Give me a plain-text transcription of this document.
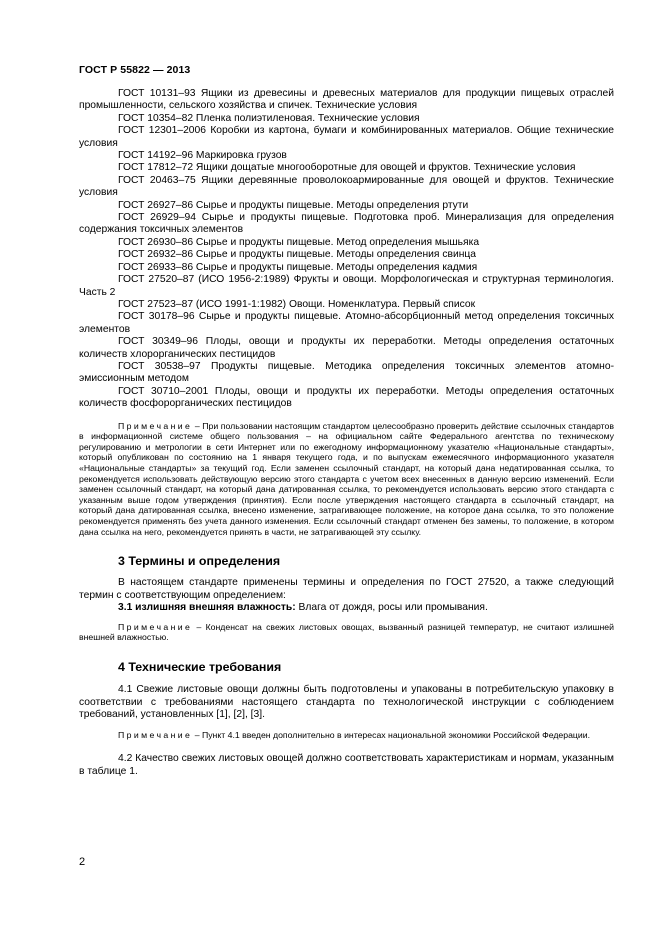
ГОСТ Р 55822 — 2013

ГОСТ 10131–93 Ящики из древесины и древесных материалов для продукции пищевых отраслей промышленности, сельского хозяйства и спичек. Технические условия

ГОСТ 10354–82 Пленка полиэтиленовая. Технические условия

ГОСТ 12301–2006 Коробки из картона, бумаги и комбинированных материалов. Общие технические условия

ГОСТ 14192–96 Маркировка грузов

ГОСТ 17812–72 Ящики дощатые многооборотные для овощей и фруктов. Технические условия

ГОСТ 20463–75 Ящики деревянные проволокоармированные для овощей и фруктов. Технические условия

ГОСТ 26927–86 Сырье и продукты пищевые. Методы определения ртути

ГОСТ 26929–94 Сырье и продукты пищевые. Подготовка проб. Минерализация для определения содержания токсичных элементов

ГОСТ 26930–86 Сырье и продукты пищевые. Метод определения мышьяка

ГОСТ 26932–86 Сырье и продукты пищевые. Методы определения свинца

ГОСТ 26933–86 Сырье и продукты пищевые. Методы определения кадмия

ГОСТ 27520–87 (ИСО 1956-2:1989) Фрукты и овощи. Морфологическая и структурная терминология. Часть 2

ГОСТ 27523–87 (ИСО 1991-1:1982) Овощи. Номенклатура. Первый список

ГОСТ 30178–96 Сырье и продукты пищевые. Атомно-абсорбционный метод определения токсичных элементов

ГОСТ 30349–96 Плоды, овощи и продукты их переработки. Методы определения остаточных количеств хлорорганических пестицидов

ГОСТ 30538–97 Продукты пищевые. Методика определения токсичных элементов атомно-эмиссионным методом

ГОСТ 30710–2001 Плоды, овощи и продукты их переработки. Методы определения остаточных количеств фосфорорганических пестицидов

Примечание – При пользовании настоящим стандартом целесообразно проверить действие ссылочных стандартов в информационной системе общего пользования – на официальном сайте Федерального агентства по техническому регулированию и метрологии в сети Интернет или по ежегодному информационному указателю «Национальные стандарты», который опубликован по состоянию на 1 января текущего года, и по выпускам ежемесячного информационного указателя «Национальные стандарты» за текущий год. Если заменен ссылочный стандарт, на который дана недатированная ссылка, то рекомендуется использовать действующую версию этого стандарта с учетом всех внесенных в данную версию изменений. Если заменен ссылочный стандарт, на который дана датированная ссылка, то рекомендуется использовать версию этого стандарта с указанным выше годом утверждения (принятия). Если после утверждения настоящего стандарта в ссылочный стандарт, на который дана датированная ссылка, внесено изменение, затрагивающее положение, на которое дана ссылка, то это положение рекомендуется применять без учета данного изменения. Если ссылочный стандарт отменен без замены, то положение, в котором дана ссылка на него, рекомендуется принять в части, не затрагивающей эту ссылку.

3 Термины и определения

В настоящем стандарте применены термины и определения по ГОСТ 27520, а также следующий термин с соответствующим определением:

3.1 излишняя внешняя влажность: Влага от дождя, росы или промывания.

Примечание – Конденсат на свежих листовых овощах, вызванный разницей температур, не считают излишней внешней влажностью.

4 Технические требования

4.1 Свежие листовые овощи должны быть подготовлены и упакованы в потребительскую упаковку в соответствии с требованиями настоящего стандарта по технологической инструкции с соблюдением требований, установленных [1], [2], [3].

Примечание – Пункт 4.1 введен дополнительно в интересах национальной экономики Российской Федерации.

4.2 Качество свежих листовых овощей должно соответствовать характеристикам и нормам, указанным в таблице 1.

2
